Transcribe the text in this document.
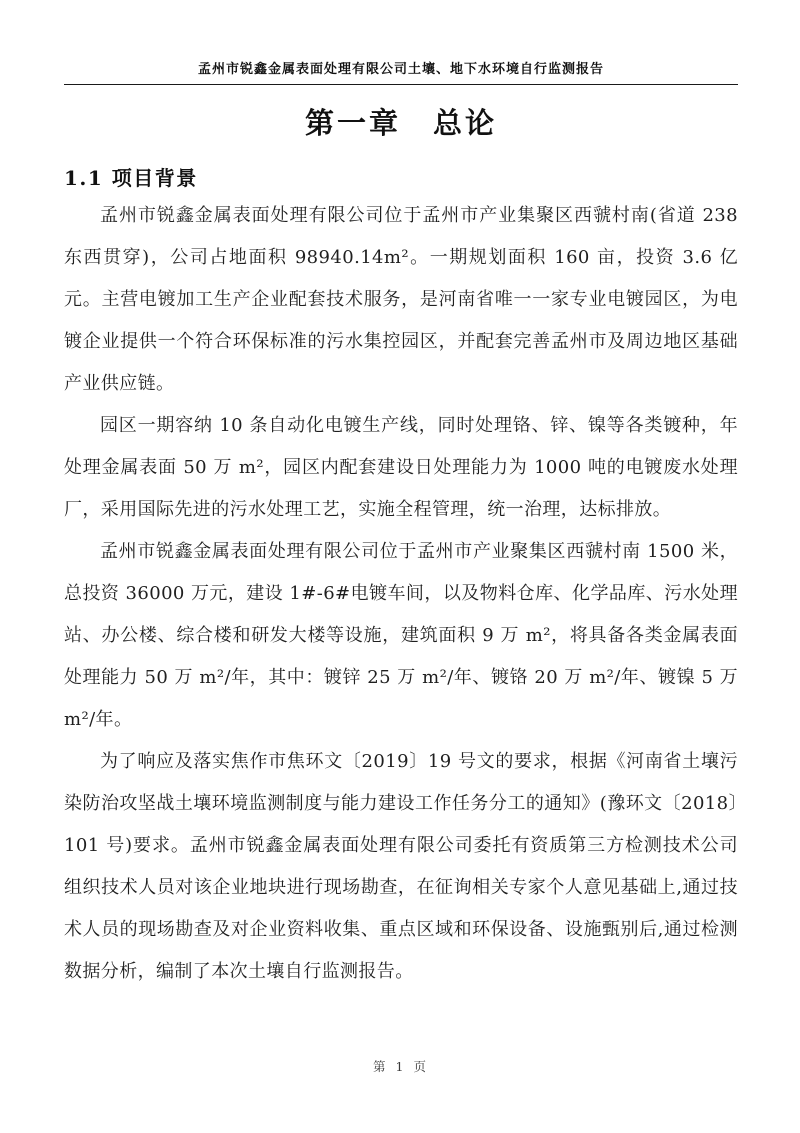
孟州市锐鑫金属表面处理有限公司土壤、地下水环境自行监测报告
第一章　总论
1.1 项目背景

孟州市锐鑫金属表面处理有限公司位于孟州市产业集聚区西虢村南(省道 238 东西贯穿)，公司占地面积 98940.14m²。一期规划面积 160 亩，投资 3.6 亿元。主营电镀加工生产企业配套技术服务，是河南省唯一一家专业电镀园区，为电镀企业提供一个符合环保标准的污水集控园区，并配套完善孟州市及周边地区基础产业供应链。

园区一期容纳 10 条自动化电镀生产线，同时处理铬、锌、镍等各类镀种，年处理金属表面 50 万 m²，园区内配套建设日处理能力为 1000 吨的电镀废水处理厂，采用国际先进的污水处理工艺，实施全程管理，统一治理，达标排放。

孟州市锐鑫金属表面处理有限公司位于孟州市产业聚集区西虢村南 1500 米，总投资 36000 万元，建设 1#-6#电镀车间，以及物料仓库、化学品库、污水处理站、办公楼、综合楼和研发大楼等设施，建筑面积 9 万 m²，将具备各类金属表面处理能力 50 万 m²/年，其中：镀锌 25 万 m²/年、镀铬 20 万 m²/年、镀镍 5 万 m²/年。

为了响应及落实焦作市焦环文〔2019〕19 号文的要求，根据《河南省土壤污染防治攻坚战土壤环境监测制度与能力建设工作任务分工的通知》(豫环文〔2018〕101 号)要求。孟州市锐鑫金属表面处理有限公司委托有资质第三方检测技术公司组织技术人员对该企业地块进行现场勘查，在征询相关专家个人意见基础上,通过技术人员的现场勘查及对企业资料收集、重点区域和环保设备、设施甄别后,通过检测数据分析，编制了本次土壤自行监测报告。

第 1 页
